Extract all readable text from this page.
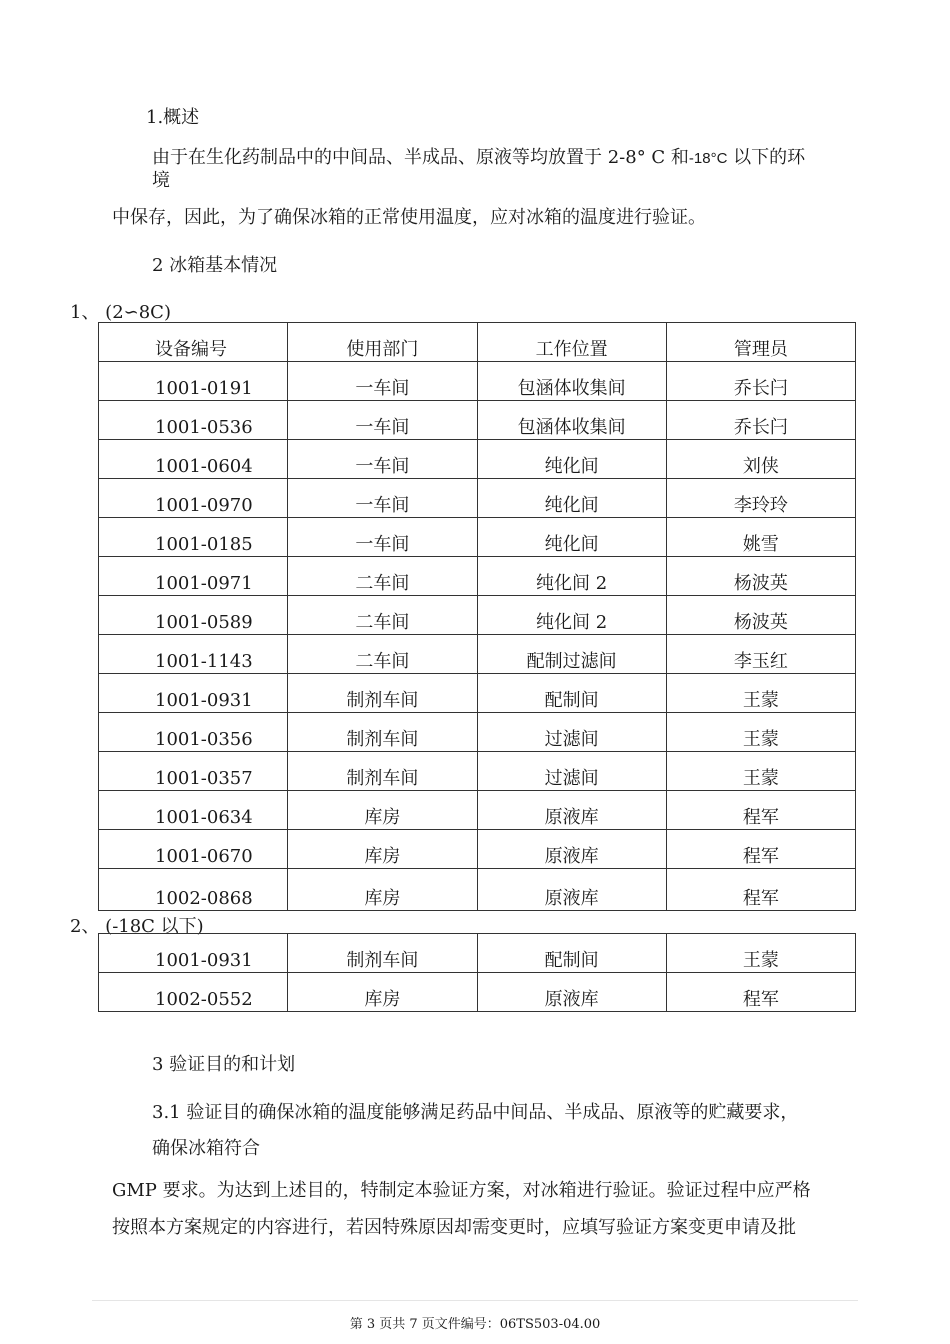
1.概述
由于在生化药制品中的中间品、半成品、原液等均放置于 2-8° C 和-18°C 以下的环
境
中保存，因此，为了确保冰箱的正常使用温度，应对冰箱的温度进行验证。
2 冰箱基本情况
1、 (2∽8C)
设备编号	使用部门	工作位置	管理员
1001-0191	一车间	包涵体收集间	乔长闩
1001-0536	一车间	包涵体收集间	乔长闩
1001-0604	一车间	纯化间	刘侠
1001-0970	一车间	纯化间	李玲玲
1001-0185	一车间	纯化间	姚雪
1001-0971	二车间	纯化间 2	杨波英
1001-0589	二车间	纯化间 2	杨波英
1001-1143	二车间	配制过滤间	李玉红
1001-0931	制剂车间	配制间	王蒙
1001-0356	制剂车间	过滤间	王蒙
1001-0357	制剂车间	过滤间	王蒙
1001-0634	库房	原液库	程军
1001-0670	库房	原液库	程军
1002-0868	库房	原液库	程军
2、 (-18C 以下)
1001-0931	制剂车间	配制间	王蒙
1002-0552	库房	原液库	程军
3 验证目的和计划
3.1 验证目的确保冰箱的温度能够满足药品中间品、半成品、原液等的贮藏要求，
确保冰箱符合
GMP 要求。为达到上述目的，特制定本验证方案，对冰箱进行验证。验证过程中应严格
按照本方案规定的内容进行，若因特殊原因却需变更时，应填写验证方案变更申请及批
第 3 页共 7 页文件编号：06TS503-04.00
